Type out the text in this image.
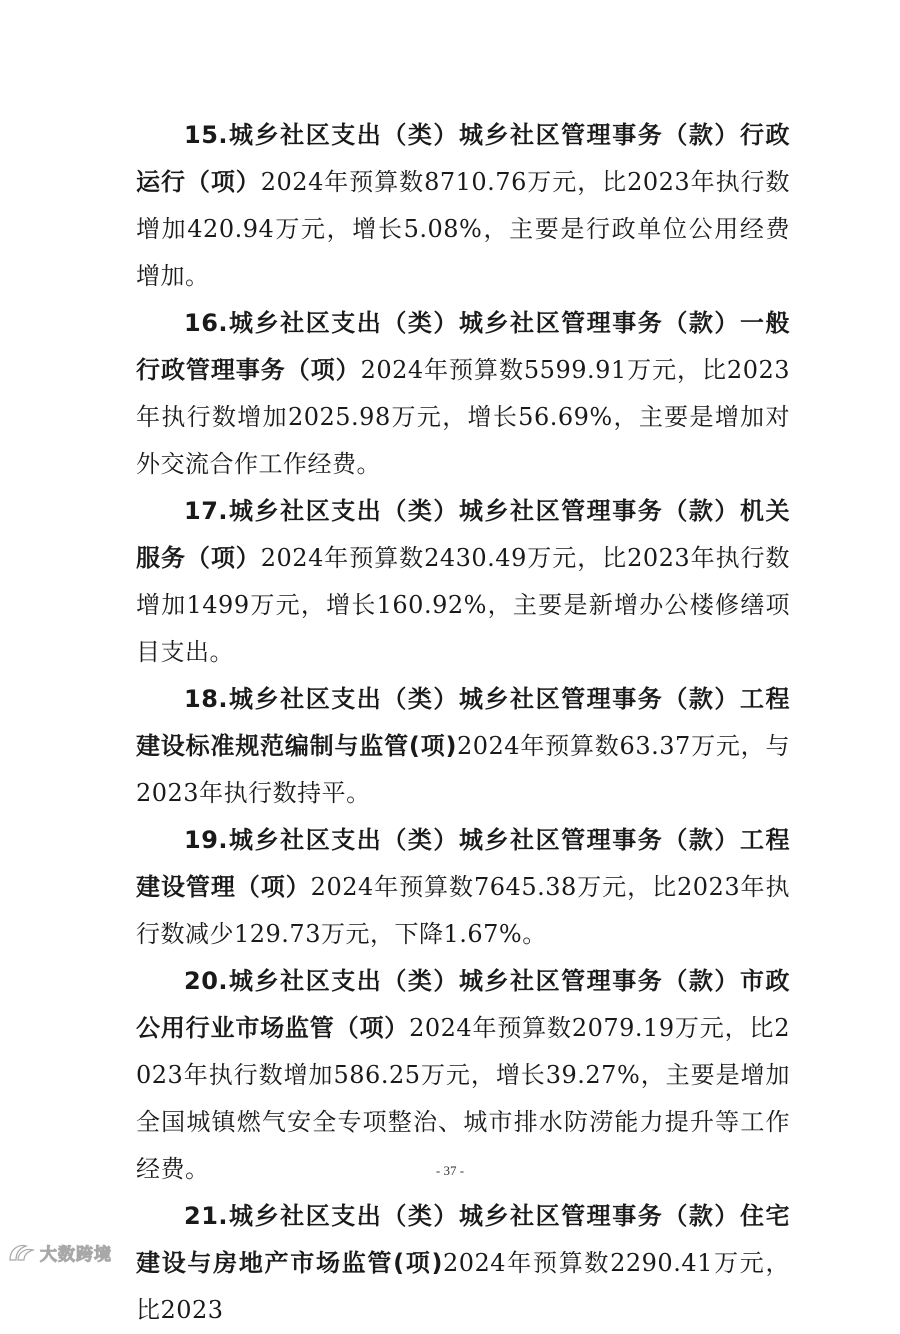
15.城乡社区支出（类）城乡社区管理事务（款）行政运行（项）2024年预算数8710.76万元，比2023年执行数增加420.94万元，增长5.08%，主要是行政单位公用经费增加。

16.城乡社区支出（类）城乡社区管理事务（款）一般行政管理事务（项）2024年预算数5599.91万元，比2023年执行数增加2025.98万元，增长56.69%，主要是增加对外交流合作工作经费。

17.城乡社区支出（类）城乡社区管理事务（款）机关服务（项）2024年预算数2430.49万元，比2023年执行数增加1499万元，增长160.92%，主要是新增办公楼修缮项目支出。

18.城乡社区支出（类）城乡社区管理事务（款）工程建设标准规范编制与监管(项)2024年预算数63.37万元，与2023年执行数持平。

19.城乡社区支出（类）城乡社区管理事务（款）工程建设管理（项）2024年预算数7645.38万元，比2023年执行数减少129.73万元，下降1.67%。

20.城乡社区支出（类）城乡社区管理事务（款）市政公用行业市场监管（项）2024年预算数2079.19万元，比2023年执行数增加586.25万元，增长39.27%，主要是增加全国城镇燃气安全专项整治、城市排水防涝能力提升等工作经费。

21.城乡社区支出（类）城乡社区管理事务（款）住宅建设与房地产市场监管(项)2024年预算数2290.41万元，比2023

- 37 -
大数跨境
